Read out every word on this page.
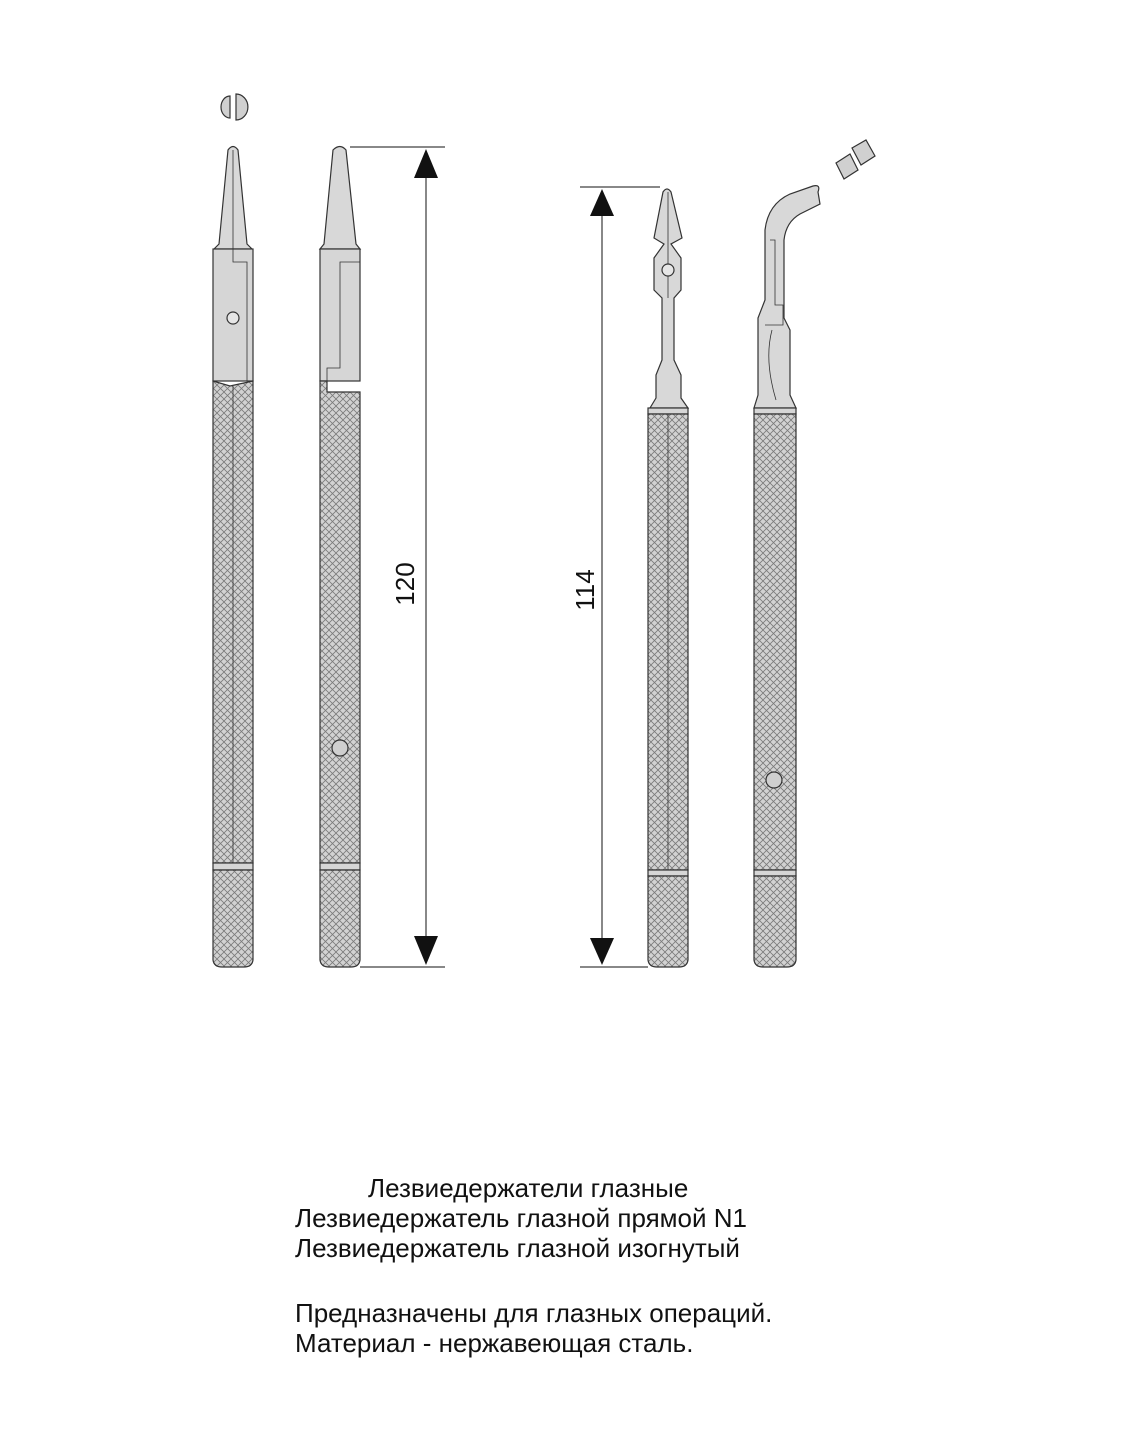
120	114
Лезвиедержатели глазные
Лезвиедержатель глазной прямой N1
Лезвиедержатель глазной изогнутый
Предназначены для глазных операций.
Материал - нержавеющая сталь.
